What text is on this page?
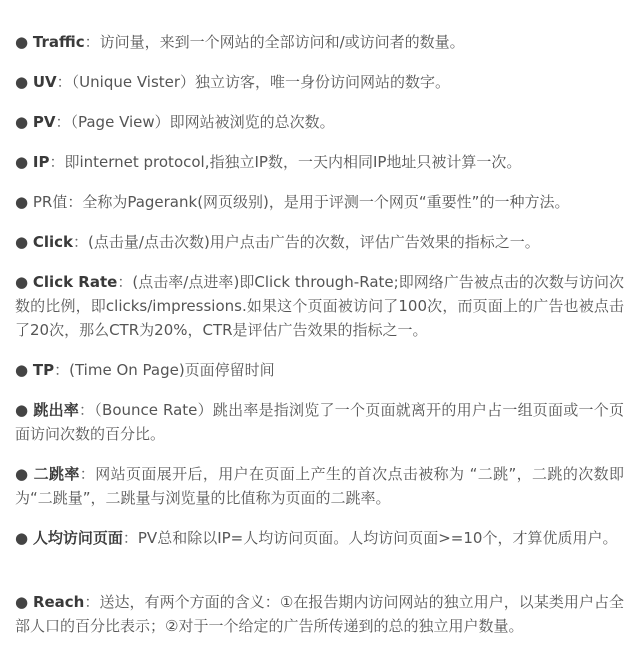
● Traffic：访问量，来到一个网站的全部访问和/或访问者的数量。

● UV：（Unique Vister）独立访客，唯一身份访问网站的数字。

● PV：（Page View）即网站被浏览的总次数。

● IP：即internet protocol,指独立IP数，一天内相同IP地址只被计算一次。

● PR值：全称为Pagerank(网页级别)，是用于评测一个网页“重要性”的一种方法。

● Click：(点击量/点击次数)用户点击广告的次数，评估广告效果的指标之一。

● Click Rate：(点击率/点进率)即Click through-Rate;即网络广告被点击的次数与访问次数的比例，即clicks/impressions.如果这个页面被访问了100次，而页面上的广告也被点击了20次，那么CTR为20%，CTR是评估广告效果的指标之一。

● TP：(Time On Page)页面停留时间

● 跳出率：（Bounce Rate）跳出率是指浏览了一个页面就离开的用户占一组页面或一个页面访问次数的百分比。

● 二跳率：网站页面展开后，用户在页面上产生的首次点击被称为 “二跳”，二跳的次数即为“二跳量”，二跳量与浏览量的比值称为页面的二跳率。

● 人均访问页面：PV总和除以IP=人均访问页面。人均访问页面>=10个，才算优质用户。

● Reach：送达，有两个方面的含义：①在报告期内访问网站的独立用户，以某类用户占全部人口的百分比表示；②对于一个给定的广告所传递到的总的独立用户数量。
